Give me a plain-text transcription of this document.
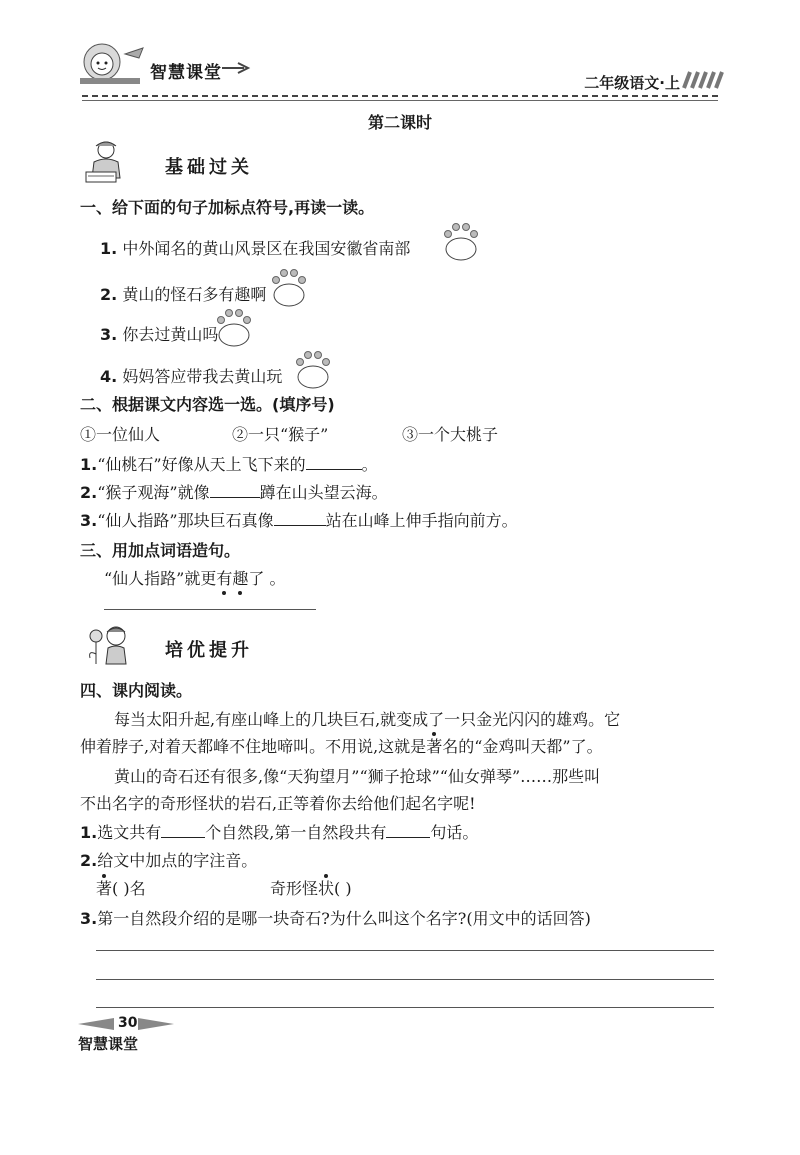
智慧课堂	二年级语文·上
第二课时
基础过关
一、给下面的句子加标点符号,再读一读。
1. 中外闻名的黄山风景区在我国安徽省南部
2. 黄山的怪石多有趣啊
3. 你去过黄山吗
4. 妈妈答应带我去黄山玩
二、根据课文内容选一选。(填序号)
①一位仙人	②一只“猴子”	③一个大桃子
1.“仙桃石”好像从天上飞下来的	。
2.“猴子观海”就像	蹲在山头望云海。
3.“仙人指路”那块巨石真像	站在山峰上伸手指向前方。
三、用加点词语造句。
“仙人指路”就更有趣了 。
培优提升
四、课内阅读。
每当太阳升起,有座山峰上的几块巨石,就变成了一只金光闪闪的雄鸡。它
伸着脖子,对着天都峰不住地啼叫。不用说,这就是著名的“金鸡叫天都”了。
黄山的奇石还有很多,像“天狗望月”“狮子抢球”“仙女弹琴”……那些叫
不出名字的奇形怪状的岩石,正等着你去给他们起名字呢!
1.选文共有	个自然段,第一自然段共有	句话。
2.给文中加点的字注音。
著( )名	奇形怪状( )
3.第一自然段介绍的是哪一块奇石?为什么叫这个名字?(用文中的话回答)
30
智慧课堂
